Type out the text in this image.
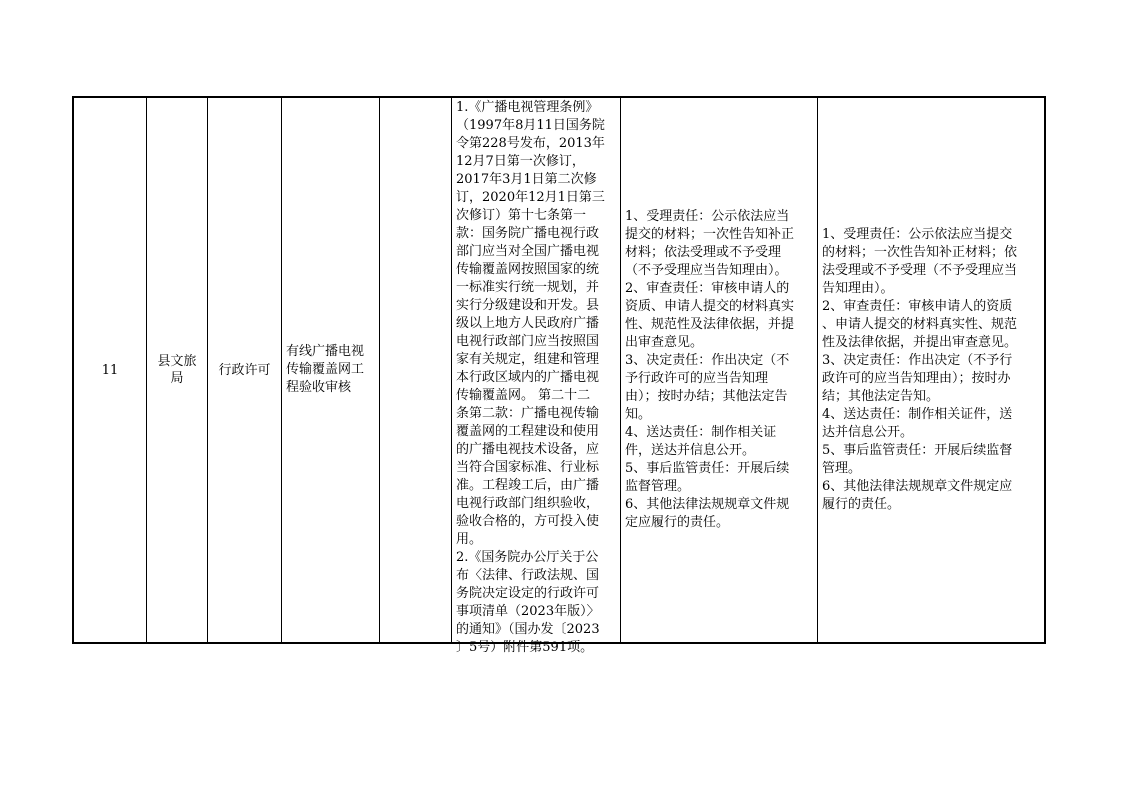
11
县文旅
局
行政许可
有线广播电视
传输覆盖网工
程验收审核
1.《广播电视管理条例》
（1997年8月11日国务院
令第228号发布，2013年
12月7日第一次修订，
2017年3月1日第二次修
订，2020年12月1日第三
次修订）第十七条第一
款：国务院广播电视行政
部门应当对全国广播电视
传输覆盖网按照国家的统
一标准实行统一规划，并
实行分级建设和开发。县
级以上地方人民政府广播
电视行政部门应当按照国
家有关规定，组建和管理
本行政区域内的广播电视
传输覆盖网。 第二十二
条第二款：广播电视传输
覆盖网的工程建设和使用
的广播电视技术设备，应
当符合国家标准、行业标
准。工程竣工后，由广播
电视行政部门组织验收，
验收合格的，方可投入使
用。
2.《国务院办公厅关于公
布〈法律、行政法规、国
务院决定设定的行政许可
事项清单（2023年版）〉
的通知》（国办发〔2023
〕5号）附件第591项。
1、受理责任：公示依法应当
提交的材料；一次性告知补正
材料；依法受理或不予受理
（不予受理应当告知理由）。
2、审查责任：审核申请人的
资质、申请人提交的材料真实
性、规范性及法律依据，并提
出审查意见。
3、决定责任：作出决定（不
予行政许可的应当告知理
由）；按时办结；其他法定告
知。
4、送达责任：制作相关证
件，送达并信息公开。
5、事后监管责任：开展后续
监督管理。
6、其他法律法规规章文件规
定应履行的责任。
1、受理责任：公示依法应当提交
的材料；一次性告知补正材料；依
法受理或不予受理（不予受理应当
告知理由）。
2、审查责任：审核申请人的资质
、申请人提交的材料真实性、规范
性及法律依据，并提出审查意见。
3、决定责任：作出决定（不予行
政许可的应当告知理由）；按时办
结；其他法定告知。
4、送达责任：制作相关证件，送
达并信息公开。
5、事后监管责任：开展后续监督
管理。
6、其他法律法规规章文件规定应
履行的责任。
